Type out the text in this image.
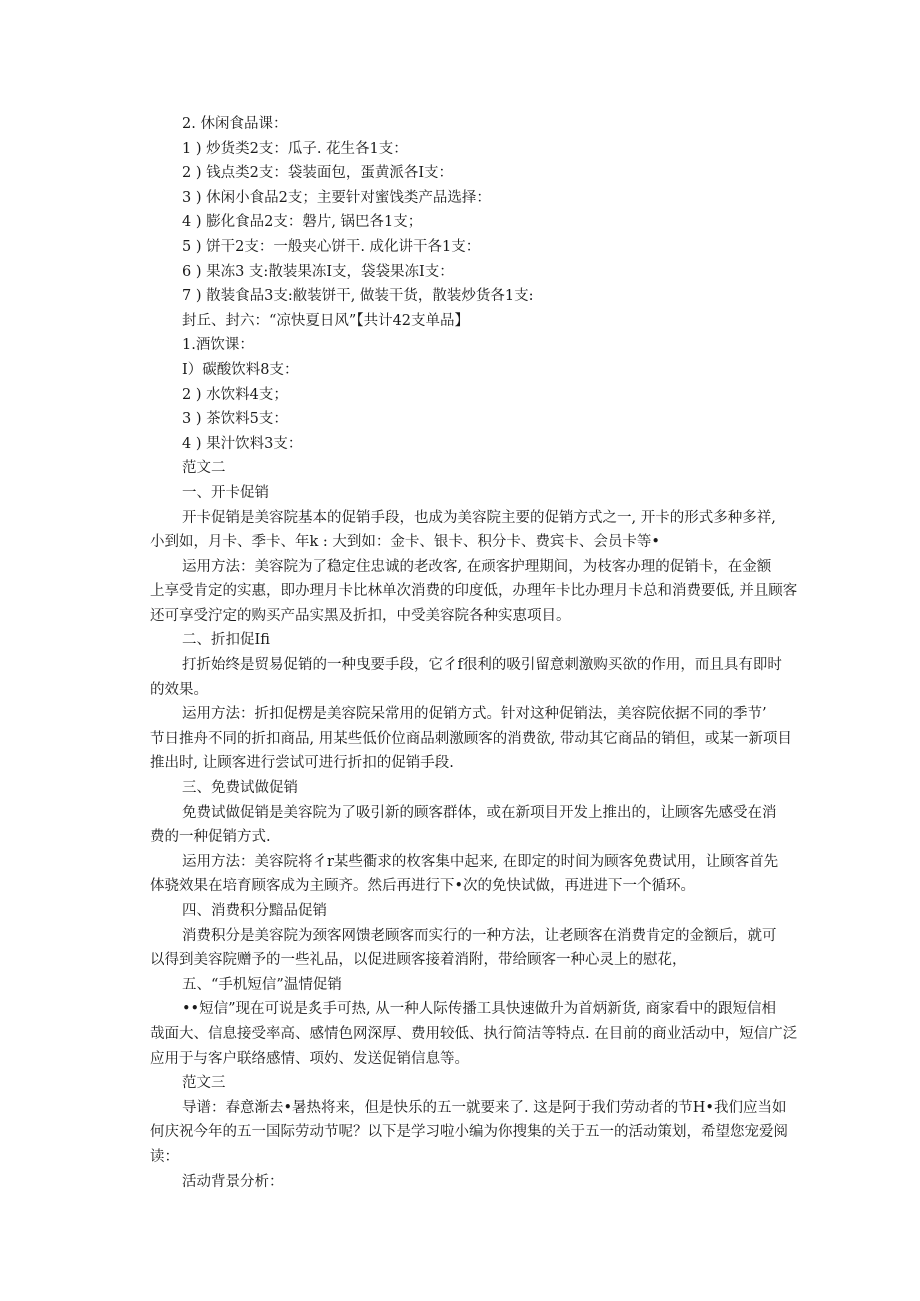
2. 休闲食品课：
1 ) 炒货类2支：瓜子. 花生各1支：
2 ) 钱点类2支：袋装面包，蛋黄派各I支：
3 ) 休闲小食品2支；主要针对蜜饯类产品选择：
4 ) 膨化食品2支：磐片, 锅巴各1支；
5 ) 饼干2支：一般夹心饼干. 成化讲干各1支：
6 ) 果冻3 支:散装果冻I支，袋袋果冻I支：
7 ) 散装食品3支:敝装饼干, 做装干货，散装炒货各1支:
封丘、封六：“凉快夏日风”【共计42支单品】
1.酒饮课：
I）碳酸饮料8支：
2 ) 水饮料4支；
3 ) 茶饮料5支：
4 ) 果汁饮料3支：
范文二
一、开卡促销
开卡促销是美容院基本的促销手段，也成为美容院主要的促销方式之一, 开卡的形式多种多祥,
小到如，月卡、季卡、年k : 大到如：金卡、银卡、积分卡、费宾卡、会员卡等•
运用方法：美容院为了稳定住忠诚的老改客, 在顽客护理期间，为枝客办理的促销卡，在金额
上享受肯定的实惠，即办理月卡比林单次消费的印度低，办理年卡比办理月卡总和消费要低, 并且顾客
还可享受泞定的购买产品实黑及折扣，中受美容院各种实恵项目。
二、折扣促Ifi
打折始终是贸易促销的一种曳要手段，它彳f很利的吸引留意刺激购买欲的作用，而且具有即时
的效果。
运用方法：折扣促楞是美容院呆常用的促销方式。针对这种促销法，美容院依据不同的季节’
节日推舟不同的折扣商品, 用某些低价位商品刺激顾客的消费欲, 带动其它商品的销但，或某一新项目
推出时, 让顾客进行尝试可进行折扣的促销手段.
三、免费试做促销
免费试做促销是美容院为了吸引新的顾客群体，或在新项目开发上推出的，让顾客先感受在消
费的一种促销方式.
运用方法：美容院将彳r某些衢求的枚客集中起来, 在即定的时间为顾客免费试用，让顾客首先
体骁效果在培育顾客成为主顾齐。然后再进行下•次的免快试做，再进进下一个循环。
四、消费积分黯品促销
消费积分是美容院为颈客网馈老顾客而实行的一种方法，让老顾客在消费肯定的金额后，就可
以得到美容院赠予的一些礼品，以促进顾客接着消附，带给顾客一种心灵上的慰花，
五、“手机短信”温情促销
••短信”现在可说是炙手可热, 从一种人际传播工具快速做升为首炳新货, 商家看中的跟短信相
哉面大、信息接受率高、感情色网深厚、费用较低、执行简洁等特点. 在目前的商业活动中，短信广泛
应用于与客户联络感情、项妁、发送促销信息等。
范文三
导谱：春意渐去•暑热将来，但是快乐的五一就要来了. 这是阿于我们劳动者的节H•我们应当如
何庆祝今年的五一国际劳动节呢？以下是学习啦小编为你搜集的关于五一的活动策划，希望您宠爱阅
读：
活动背景分析：
